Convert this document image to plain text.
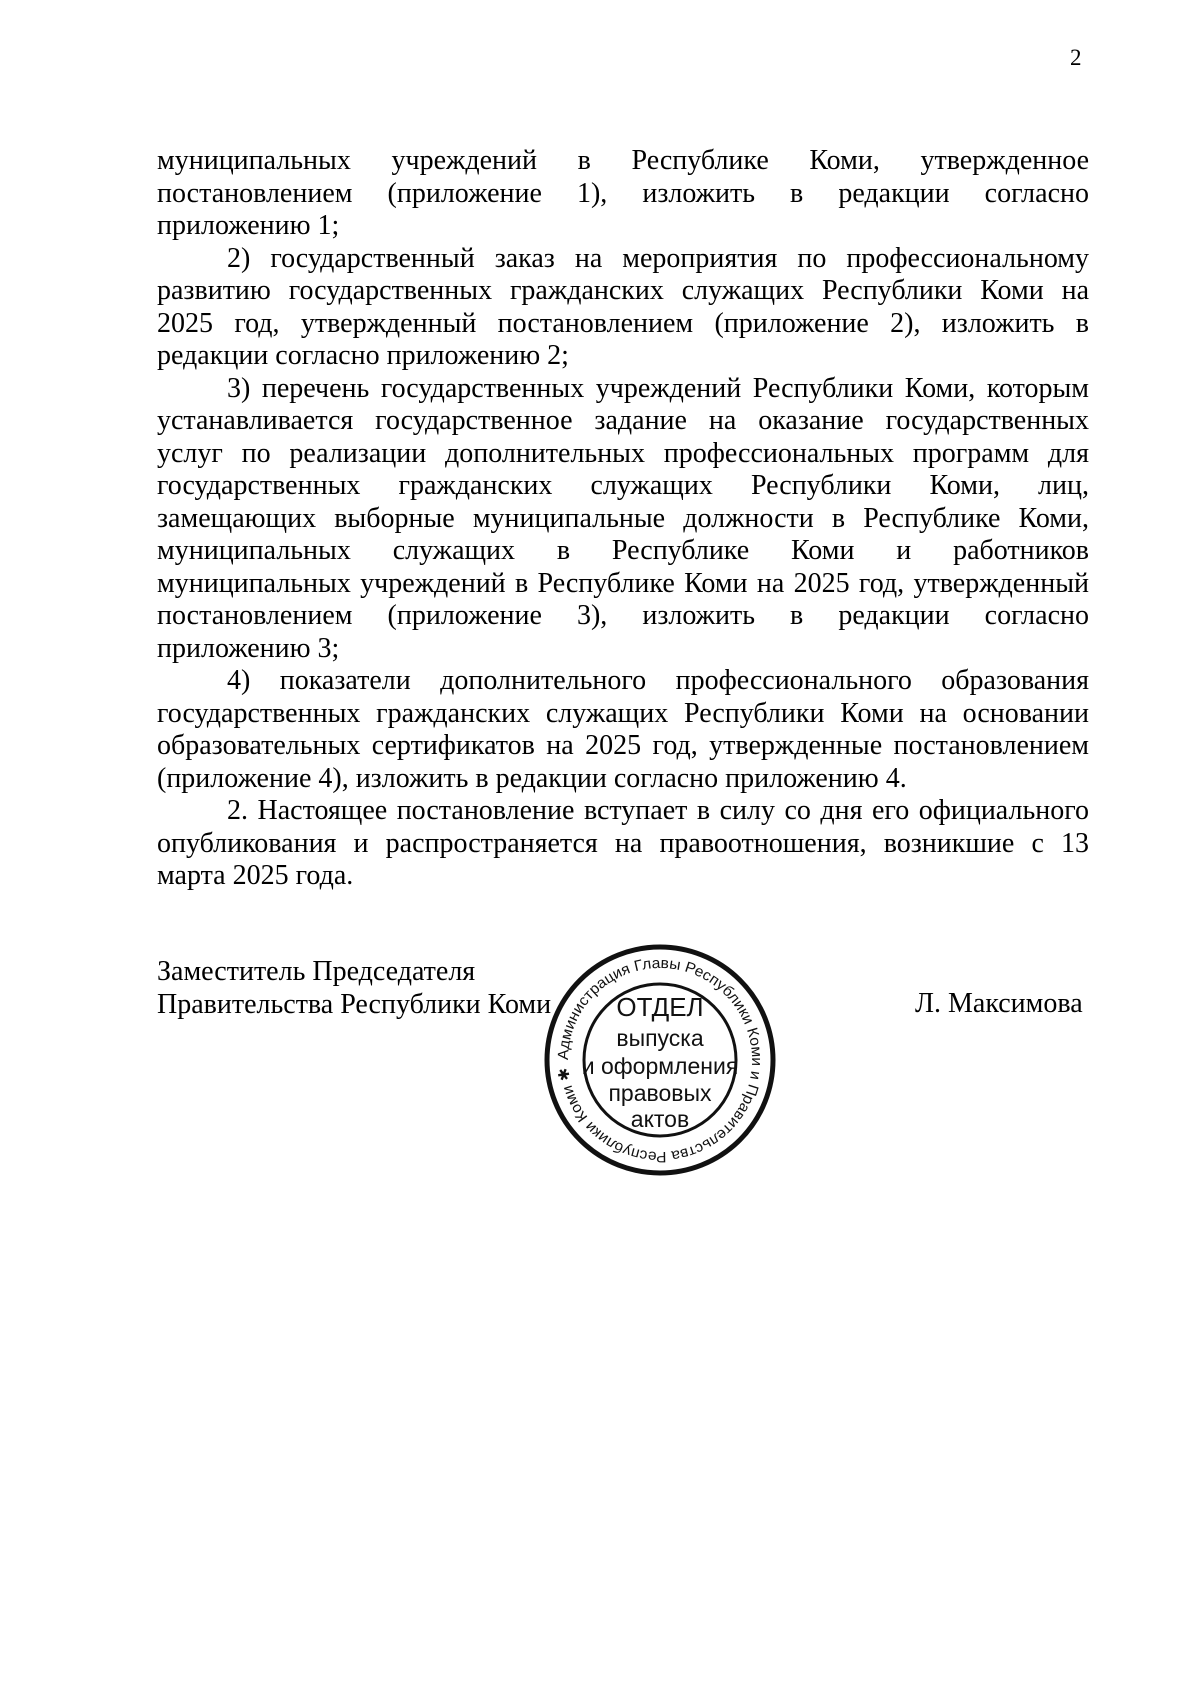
2

муниципальных учреждений в Республике Коми, утвержденное

постановлением (приложение 1), изложить в редакции согласно

приложению 1;

2) государственный заказ на мероприятия по профессиональному

развитию государственных гражданских служащих Республики Коми на

2025 год, утвержденный постановлением (приложение 2), изложить в

редакции согласно приложению 2;

3) перечень государственных учреждений Республики Коми, которым

устанавливается государственное задание на оказание государственных

услуг по реализации дополнительных профессиональных программ для

государственных гражданских служащих Республики Коми, лиц,

замещающих выборные муниципальные должности в Республике Коми,

муниципальных служащих в Республике Коми и работников

муниципальных учреждений в Республике Коми на 2025 год, утвержденный

постановлением (приложение 3), изложить в редакции согласно

приложению 3;

4) показатели дополнительного профессионального образования

государственных гражданских служащих Республики Коми на основании

образовательных сертификатов на 2025 год, утвержденные постановлением

(приложение 4), изложить в редакции согласно приложению 4.

2. Настоящее постановление вступает в силу со дня его официального

опубликования и распространяется на правоотношения, возникшие с 13

марта 2025 года.

Заместитель Председателя
Правительства Республики Коми	Л. Максимова
Администрация Главы Республики Коми и Правительства Республики Коми ✱
ОТДЕЛ
выпуска
и оформления
правовых
актов
